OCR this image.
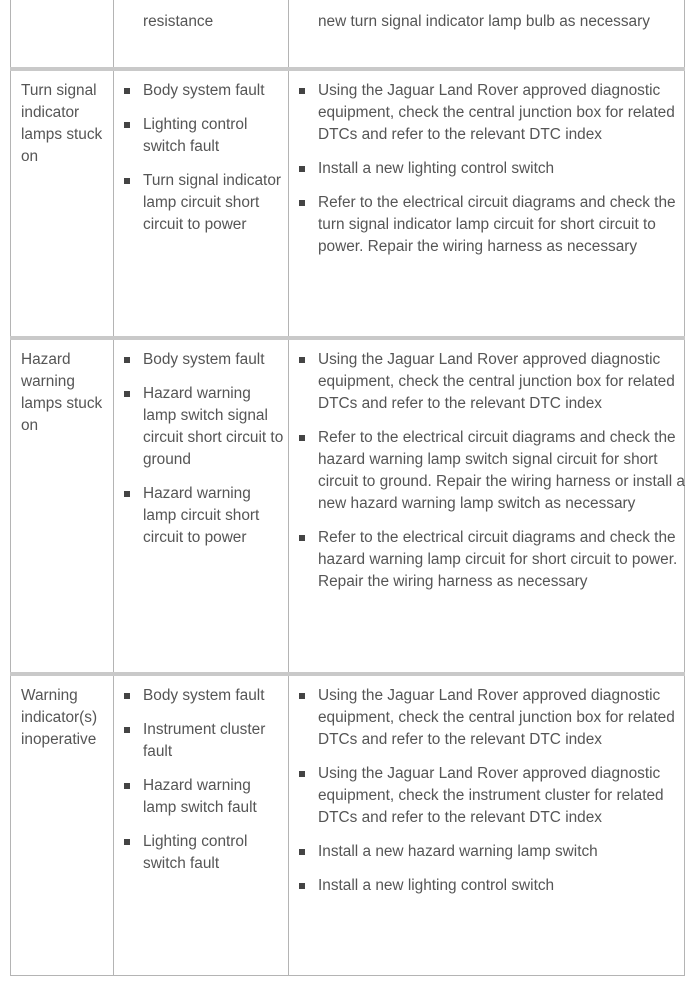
resistance	new turn signal indicator lamp bulb as necessary
Turn signal indicator lamps stuck on
Body system fault
Lighting control switch fault
Turn signal indicator lamp circuit short circuit to power
Using the Jaguar Land Rover approved diagnostic equipment, check the central junction box for related DTCs and refer to the relevant DTC index
Install a new lighting control switch
Refer to the electrical circuit diagrams and check the turn signal indicator lamp circuit for short circuit to power. Repair the wiring harness as necessary
Hazard warning lamps stuck on
Body system fault
Hazard warning lamp switch signal circuit short circuit to ground
Hazard warning lamp circuit short circuit to power
Using the Jaguar Land Rover approved diagnostic equipment, check the central junction box for related DTCs and refer to the relevant DTC index
Refer to the electrical circuit diagrams and check the hazard warning lamp switch signal circuit for short circuit to ground. Repair the wiring harness or install a new hazard warning lamp switch as necessary
Refer to the electrical circuit diagrams and check the hazard warning lamp circuit for short circuit to power. Repair the wiring harness as necessary
Warning indicator(s) inoperative
Body system fault
Instrument cluster fault
Hazard warning lamp switch fault
Lighting control switch fault
Using the Jaguar Land Rover approved diagnostic equipment, check the central junction box for related DTCs and refer to the relevant DTC index
Using the Jaguar Land Rover approved diagnostic equipment, check the instrument cluster for related DTCs and refer to the relevant DTC index
Install a new hazard warning lamp switch
Install a new lighting control switch
